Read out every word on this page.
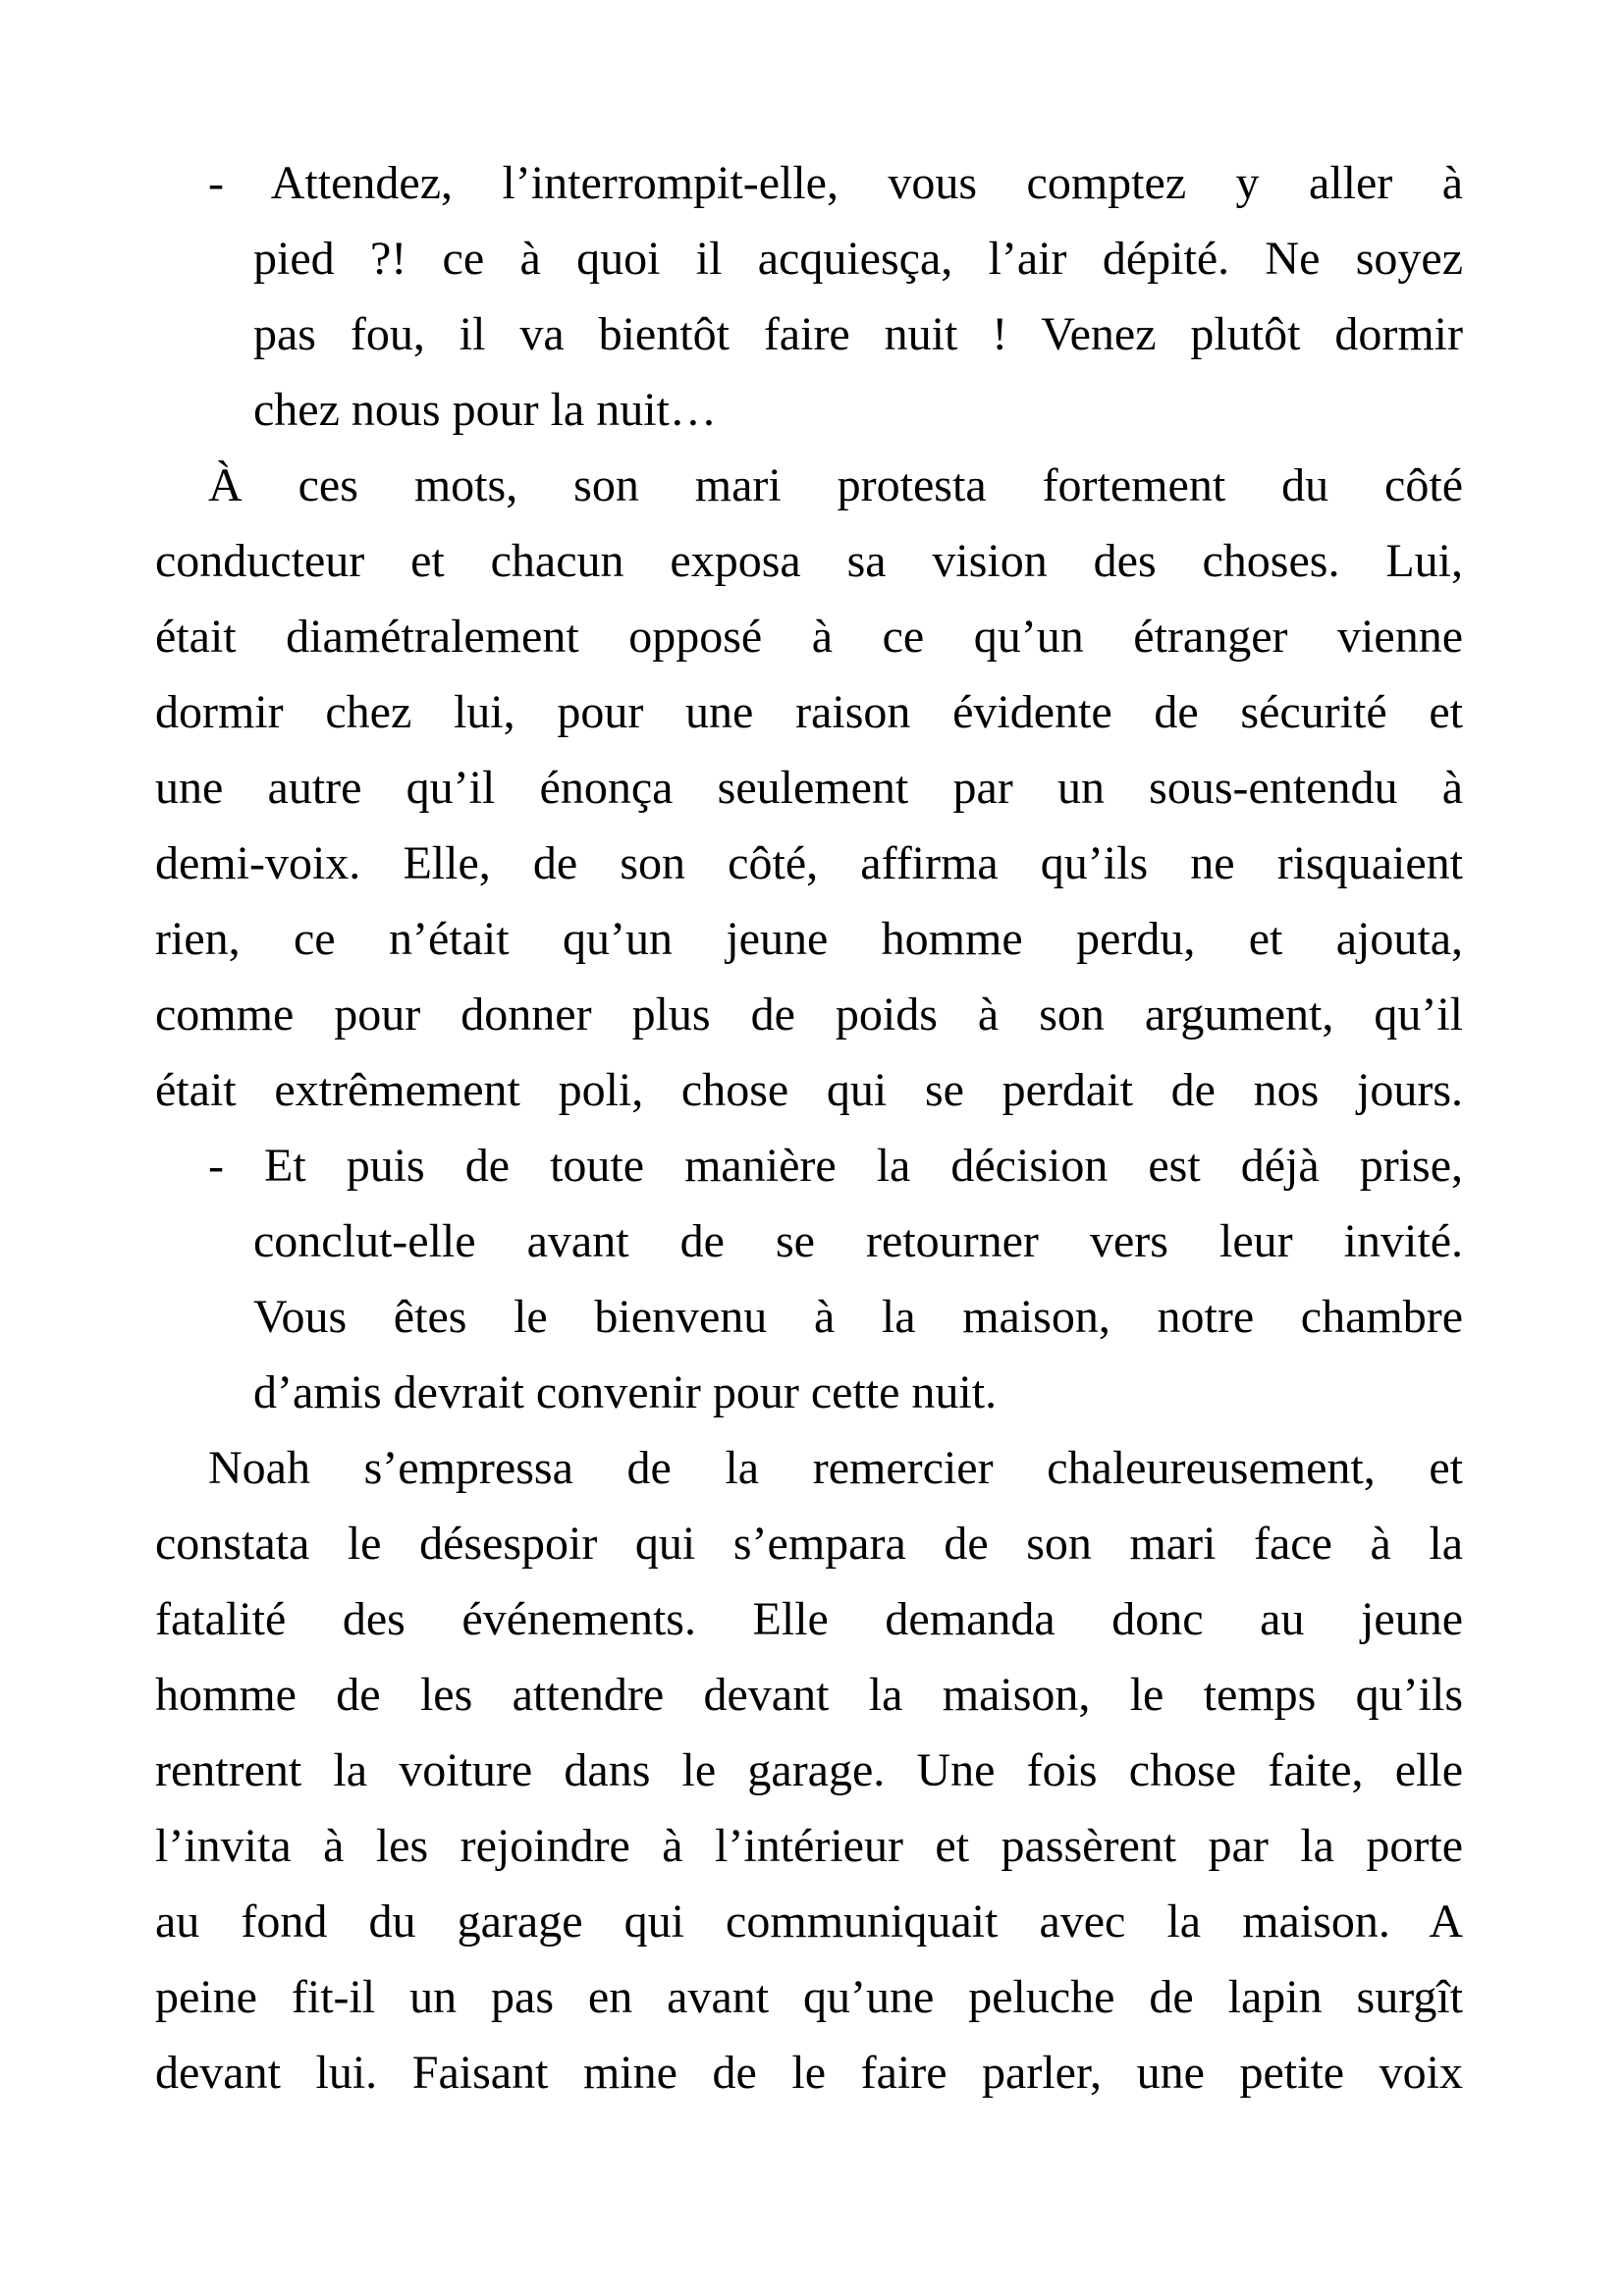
- Attendez, l’interrompit-elle, vous comptez y aller à
pied ?! ce à quoi il acquiesça, l’air dépité. Ne soyez
pas fou, il va bientôt faire nuit ! Venez plutôt dormir
chez nous pour la nuit…
À ces mots, son mari protesta fortement du côté
conducteur et chacun exposa sa vision des choses. Lui,
était diamétralement opposé à ce qu’un étranger vienne
dormir chez lui, pour une raison évidente de sécurité et
une autre qu’il énonça seulement par un sous-entendu à
demi-voix. Elle, de son côté, affirma qu’ils ne risquaient
rien, ce n’était qu’un jeune homme perdu, et ajouta,
comme pour donner plus de poids à son argument, qu’il
était extrêmement poli, chose qui se perdait de nos jours.
- Et puis de toute manière la décision est déjà prise,
conclut-elle avant de se retourner vers leur invité.
Vous êtes le bienvenu à la maison, notre chambre
d’amis devrait convenir pour cette nuit.
Noah s’empressa de la remercier chaleureusement, et
constata le désespoir qui s’empara de son mari face à la
fatalité des événements. Elle demanda donc au jeune
homme de les attendre devant la maison, le temps qu’ils
rentrent la voiture dans le garage. Une fois chose faite, elle
l’invita à les rejoindre à l’intérieur et passèrent par la porte
au fond du garage qui communiquait avec la maison. A
peine fit-il un pas en avant qu’une peluche de lapin surgît
devant lui. Faisant mine de le faire parler, une petite voix
